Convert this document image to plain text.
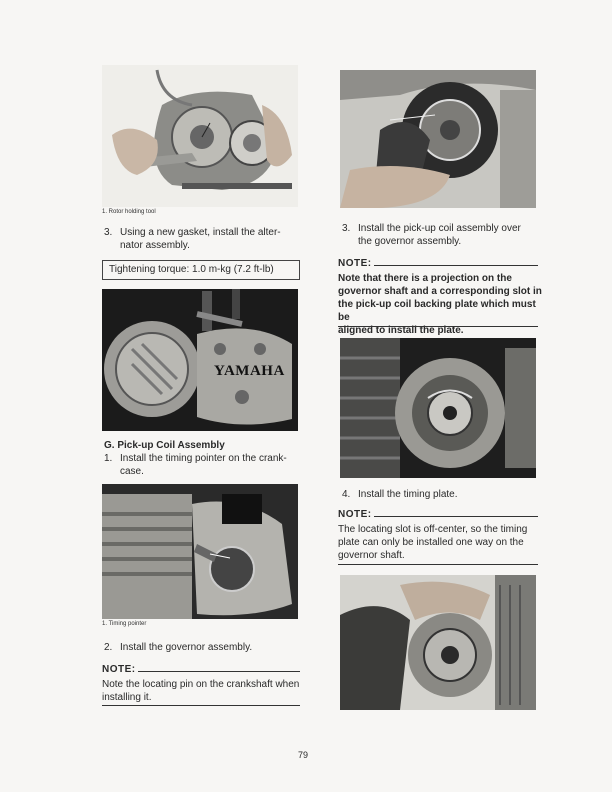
1. Rotor holding tool
3. Using a new gasket, install the alter-
nator assembly.
Tightening torque: 1.0 m-kg (7.2 ft-lb)
YAMAHA
G. Pick-up Coil Assembly
1. Install the timing pointer on the crank-
case.
1. Timing pointer
2. Install the governor assembly.
NOTE:
Note the locating pin on the crankshaft when
installing it.
3. Install the pick-up coil assembly over
the governor assembly.
NOTE:
Note that there is a projection on the
governor shaft and a corresponding slot in
the pick-up coil backing plate which must be
aligned to install the plate.
4. Install the timing plate.
NOTE:
The locating slot is off-center, so the timing
plate can only be installed one way on the
governor shaft.
79
